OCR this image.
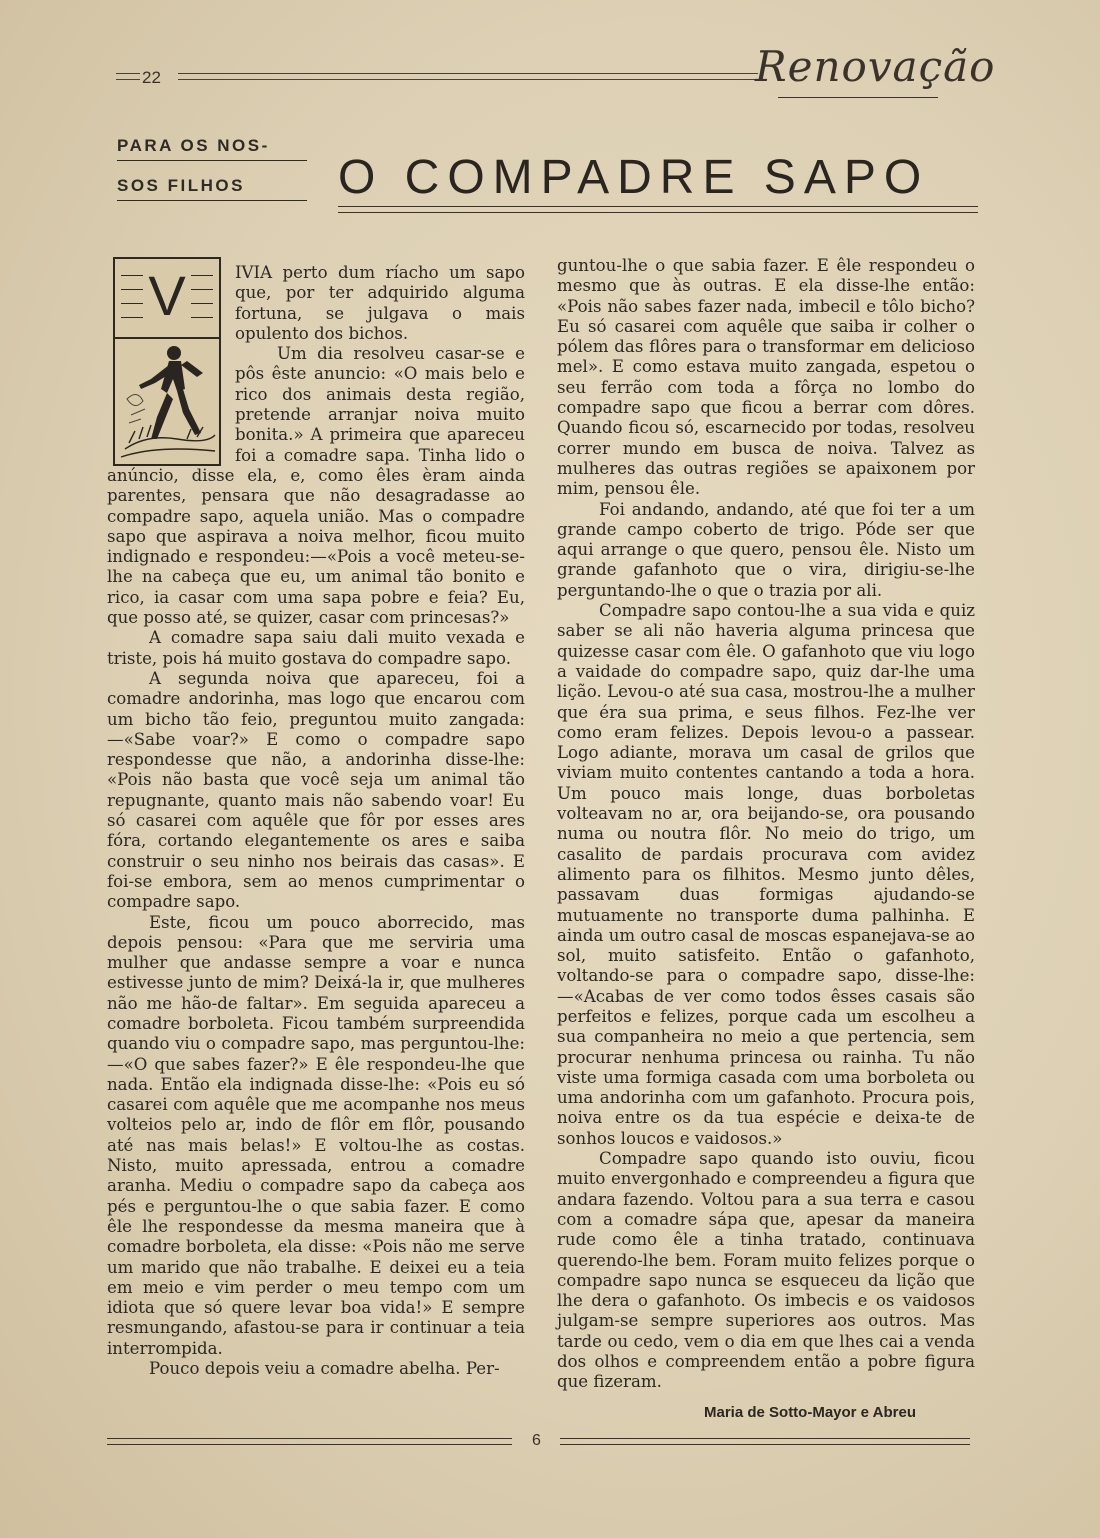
22	Renovação
PARA OS NOS-
SOS FILHOS O COMPADRE SAPO
V	IVIA perto dum ríacho um sapo que, por ter adquirido alguma fortuna, se julgava o mais opulento dos bichos.

Um dia resolveu casar-se e pôs êste anuncio: «O mais belo e rico dos animais desta região, pretende arranjar noiva muito bonita.» A primeira que apareceu foi a comadre sapa. Tinha lido o anúncio, disse ela, e, como êles èram ainda parentes, pensara que não desagradasse ao compadre sapo, aquela união. Mas o compadre sapo que aspirava a noiva melhor, ficou muito indignado e respondeu:—«Pois a você meteu-se-lhe na cabeça que eu, um animal tão bonito e rico, ia casar com uma sapa pobre e feia? Eu, que posso até, se quizer, casar com princesas?»

A comadre sapa saiu dali muito vexada e triste, pois há muito gostava do compadre sapo.

A segunda noiva que apareceu, foi a comadre andorinha, mas logo que encarou com um bicho tão feio, preguntou muito zangada:—«Sabe voar?» E como o compadre sapo respondesse que não, a andorinha disse-lhe: «Pois não basta que você seja um animal tão repugnante, quanto mais não sabendo voar! Eu só casarei com aquêle que fôr por esses ares fóra, cortando elegantemente os ares e saiba construir o seu ninho nos beirais das casas». E foi-se embora, sem ao menos cumprimentar o compadre sapo.

Este, ficou um pouco aborrecido, mas depois pensou: «Para que me serviria uma mulher que andasse sempre a voar e nunca estivesse junto de mim? Deixá-la ir, que mulheres não me hão-de faltar». Em seguida apareceu a comadre borboleta. Ficou também surpreendida quando viu o compadre sapo, mas perguntou-lhe:—«O que sabes fazer?» E êle respondeu-lhe que nada. Então ela indignada disse-lhe: «Pois eu só casarei com aquêle que me acompanhe nos meus volteios pelo ar, indo de flôr em flôr, pousando até nas mais belas!» E voltou-lhe as costas. Nisto, muito apressada, entrou a comadre aranha. Mediu o compadre sapo da cabeça aos pés e perguntou-lhe o que sabia fazer. E como êle lhe respondesse da mesma maneira que à comadre borboleta, ela disse: «Pois não me serve um marido que não trabalhe. E deixei eu a teia em meio e vim perder o meu tempo com um idiota que só quere levar boa vida!» E sempre resmungando, afastou-se para ir continuar a teia interrompida.

Pouco depois veiu a comadre abelha. Per-

guntou-lhe o que sabia fazer. E êle respondeu o mesmo que às outras. E ela disse-lhe então: «Pois não sabes fazer nada, imbecil e tôlo bicho? Eu só casarei com aquêle que saiba ir colher o pólem das flôres para o transformar em delicioso mel». E como estava muito zangada, espetou o seu ferrão com toda a fôrça no lombo do compadre sapo que ficou a berrar com dôres. Quando ficou só, escarnecido por todas, resolveu correr mundo em busca de noiva. Talvez as mulheres das outras regiões se apaixonem por mim, pensou êle.

Foi andando, andando, até que foi ter a um grande campo coberto de trigo. Póde ser que aqui arrange o que quero, pensou êle. Nisto um grande gafanhoto que o vira, dirigiu-se-lhe perguntando-lhe o que o trazia por ali.

Compadre sapo contou-lhe a sua vida e quiz saber se ali não haveria alguma princesa que quizesse casar com êle. O gafanhoto que viu logo a vaidade do compadre sapo, quiz dar-lhe uma lição. Levou-o até sua casa, mostrou-lhe a mulher que éra sua prima, e seus filhos. Fez-lhe ver como eram felizes. Depois levou-o a passear. Logo adiante, morava um casal de grilos que viviam muito contentes cantando a toda a hora. Um pouco mais longe, duas borboletas volteavam no ar, ora beijando-se, ora pousando numa ou noutra flôr. No meio do trigo, um casalito de pardais procurava com avidez alimento para os filhitos. Mesmo junto dêles, passavam duas formigas ajudando-se mutuamente no transporte duma palhinha. E ainda um outro casal de moscas espanejava-se ao sol, muito satisfeito. Então o gafanhoto, voltando-se para o compadre sapo, disse-lhe:—«Acabas de ver como todos êsses casais são perfeitos e felizes, porque cada um escolheu a sua companheira no meio a que pertencia, sem procurar nenhuma princesa ou rainha. Tu não viste uma formiga casada com uma borboleta ou uma andorinha com um gafanhoto. Procura pois, noiva entre os da tua espécie e deixa-te de sonhos loucos e vaidosos.»

Compadre sapo quando isto ouviu, ficou muito envergonhado e compreendeu a figura que andara fazendo. Voltou para a sua terra e casou com a comadre sápa que, apesar da maneira rude como êle a tinha tratado, continuava querendo-lhe bem. Foram muito felizes porque o compadre sapo nunca se esqueceu da lição que lhe dera o gafanhoto. Os imbecis e os vaidosos julgam-se sempre superiores aos outros. Mas tarde ou cedo, vem o dia em que lhes cai a venda dos olhos e compreendem então a pobre figura que fizeram.

Maria de Sotto-Mayor e Abreu
6
